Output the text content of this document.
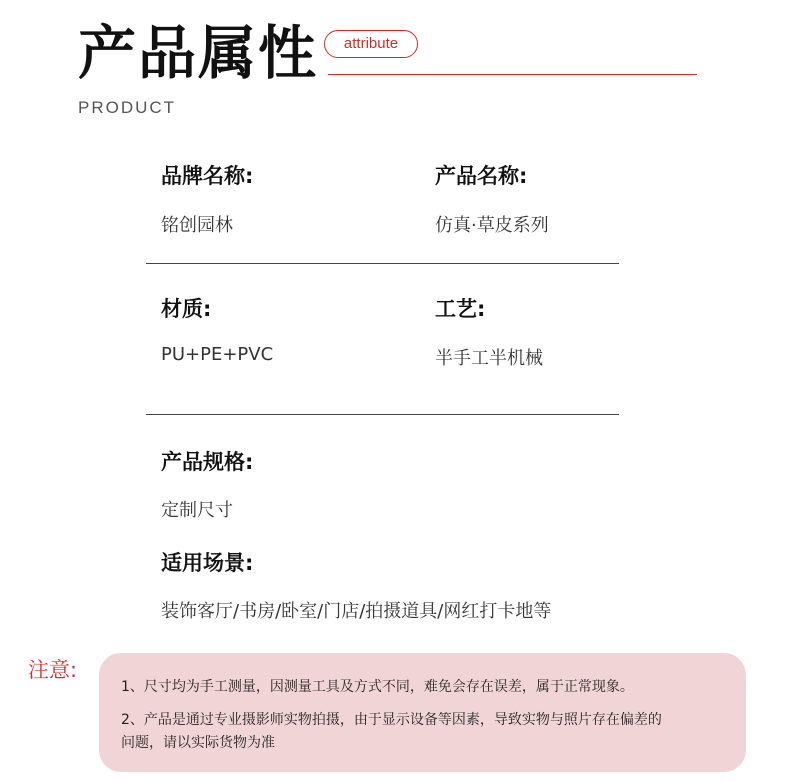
产品属性	attribute
PRODUCT
品牌名称:
铭创园林
产品名称:
仿真·草皮系列
材质:
PU+PE+PVC
工艺:
半手工半机械
产品规格:
定制尺寸
适用场景:
装饰客厅/书房/卧室/门店/拍摄道具/网红打卡地等
注意:
1、尺寸均为手工测量，因测量工具及方式不同，难免会存在误差，属于正常现象。
2、产品是通过专业摄影师实物拍摄，由于显示设备等因素，导致实物与照片存在偏差的
问题，请以实际货物为准
